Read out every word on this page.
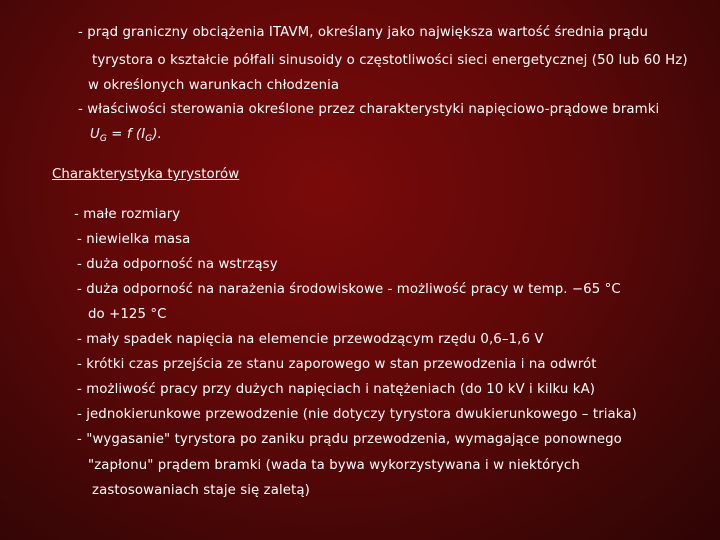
- prąd graniczny obciążenia ITAVM, określany jako największa wartość średnia prądu
tyrystora o kształcie półfali sinusoidy o częstotliwości sieci energetycznej (50 lub 60 Hz)
w określonych warunkach chłodzenia
- właściwości sterowania określone przez charakterystyki napięciowo-prądowe bramki
$U_G = f$ $(I_G)$.
Charakterystyka tyrystorów
- małe rozmiary
- niewielka masa
- duża odporność na wstrząsy
- duża odporność na narażenia środowiskowe - możliwość pracy w temp. −65 °C
do +125 °C
- mały spadek napięcia na elemencie przewodzącym rzędu 0,6–1,6 V
- krótki czas przejścia ze stanu zaporowego w stan przewodzenia i na odwrót
- możliwość pracy przy dużych napięciach i natężeniach (do 10 kV i kilku kA)
- jednokierunkowe przewodzenie (nie dotyczy tyrystora dwukierunkowego – triaka)
- "wygasanie" tyrystora po zaniku prądu przewodzenia, wymagające ponownego
"zapłonu" prądem bramki (wada ta bywa wykorzystywana i w niektórych
zastosowaniach staje się zaletą)
